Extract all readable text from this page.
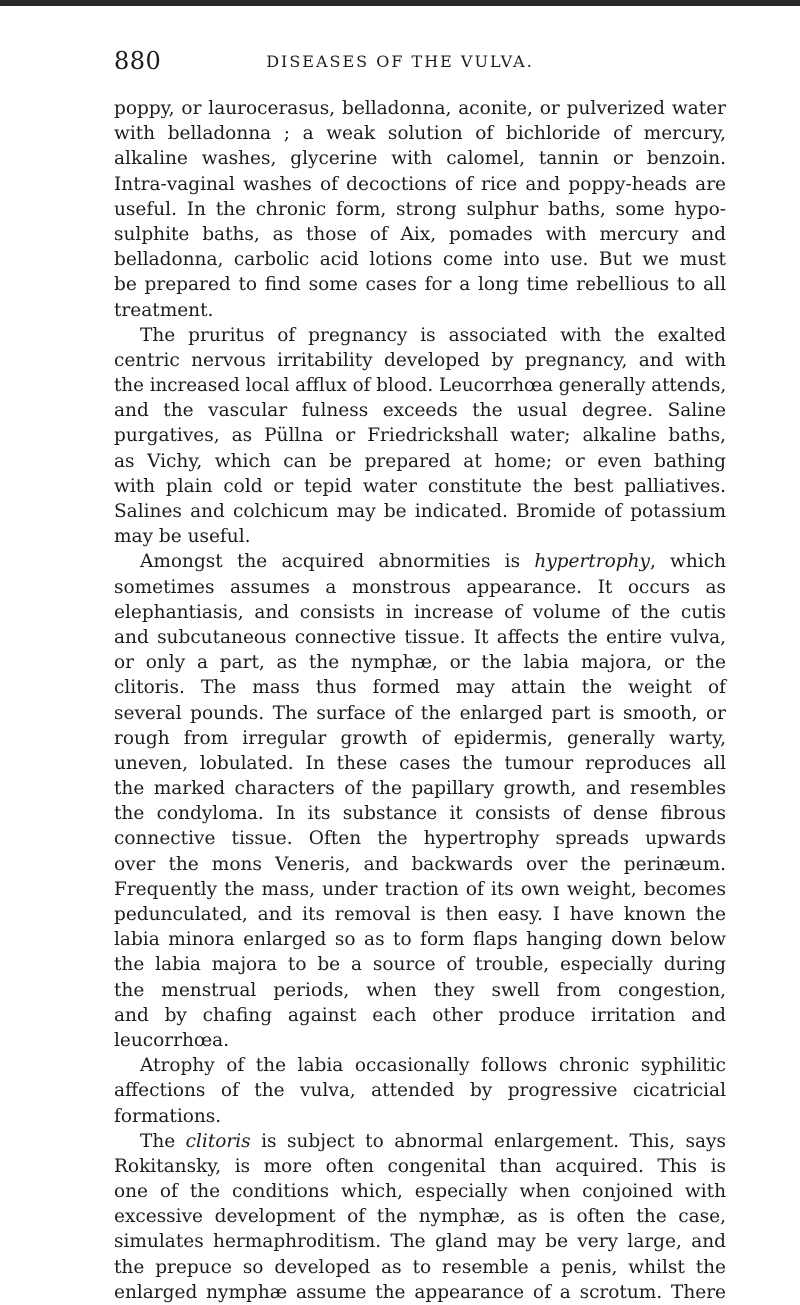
880	DISEASES OF THE VULVA.
poppy, or laurocerasus, belladonna, aconite, or pulverized water
with belladonna ; a weak solution of bichloride of mercury,
alkaline washes, glycerine with calomel, tannin or benzoin.
Intra-vaginal washes of decoctions of rice and poppy-heads are
useful. In the chronic form, strong sulphur baths, some hypo-
sulphite baths, as those of Aix, pomades with mercury and
belladonna, carbolic acid lotions come into use. But we must
be prepared to find some cases for a long time rebellious to all
treatment.
The pruritus of pregnancy is associated with the exalted
centric nervous irritability developed by pregnancy, and with
the increased local afflux of blood. Leucorrhœa generally attends,
and the vascular fulness exceeds the usual degree. Saline
purgatives, as Püllna or Friedrickshall water; alkaline baths,
as Vichy, which can be prepared at home; or even bathing
with plain cold or tepid water constitute the best palliatives.
Salines and colchicum may be indicated. Bromide of potassium
may be useful.
Amongst the acquired abnormities is hypertrophy, which
sometimes assumes a monstrous appearance. It occurs as
elephantiasis, and consists in increase of volume of the cutis
and subcutaneous connective tissue. It affects the entire vulva,
or only a part, as the nymphæ, or the labia majora, or the
clitoris. The mass thus formed may attain the weight of
several pounds. The surface of the enlarged part is smooth, or
rough from irregular growth of epidermis, generally warty,
uneven, lobulated. In these cases the tumour reproduces all
the marked characters of the papillary growth, and resembles
the condyloma. In its substance it consists of dense fibrous
connective tissue. Often the hypertrophy spreads upwards
over the mons Veneris, and backwards over the perinæum.
Frequently the mass, under traction of its own weight, becomes
pedunculated, and its removal is then easy. I have known the
labia minora enlarged so as to form flaps hanging down below
the labia majora to be a source of trouble, especially during
the menstrual periods, when they swell from congestion,
and by chafing against each other produce irritation and
leucorrhœa.
Atrophy of the labia occasionally follows chronic syphilitic
affections of the vulva, attended by progressive cicatricial
formations.
The clitoris is subject to abnormal enlargement. This, says
Rokitansky, is more often congenital than acquired. This is
one of the conditions which, especially when conjoined with
excessive development of the nymphæ, as is often the case,
simulates hermaphroditism. The gland may be very large, and
the prepuce so developed as to resemble a penis, whilst the
enlarged nymphæ assume the appearance of a scrotum. There
